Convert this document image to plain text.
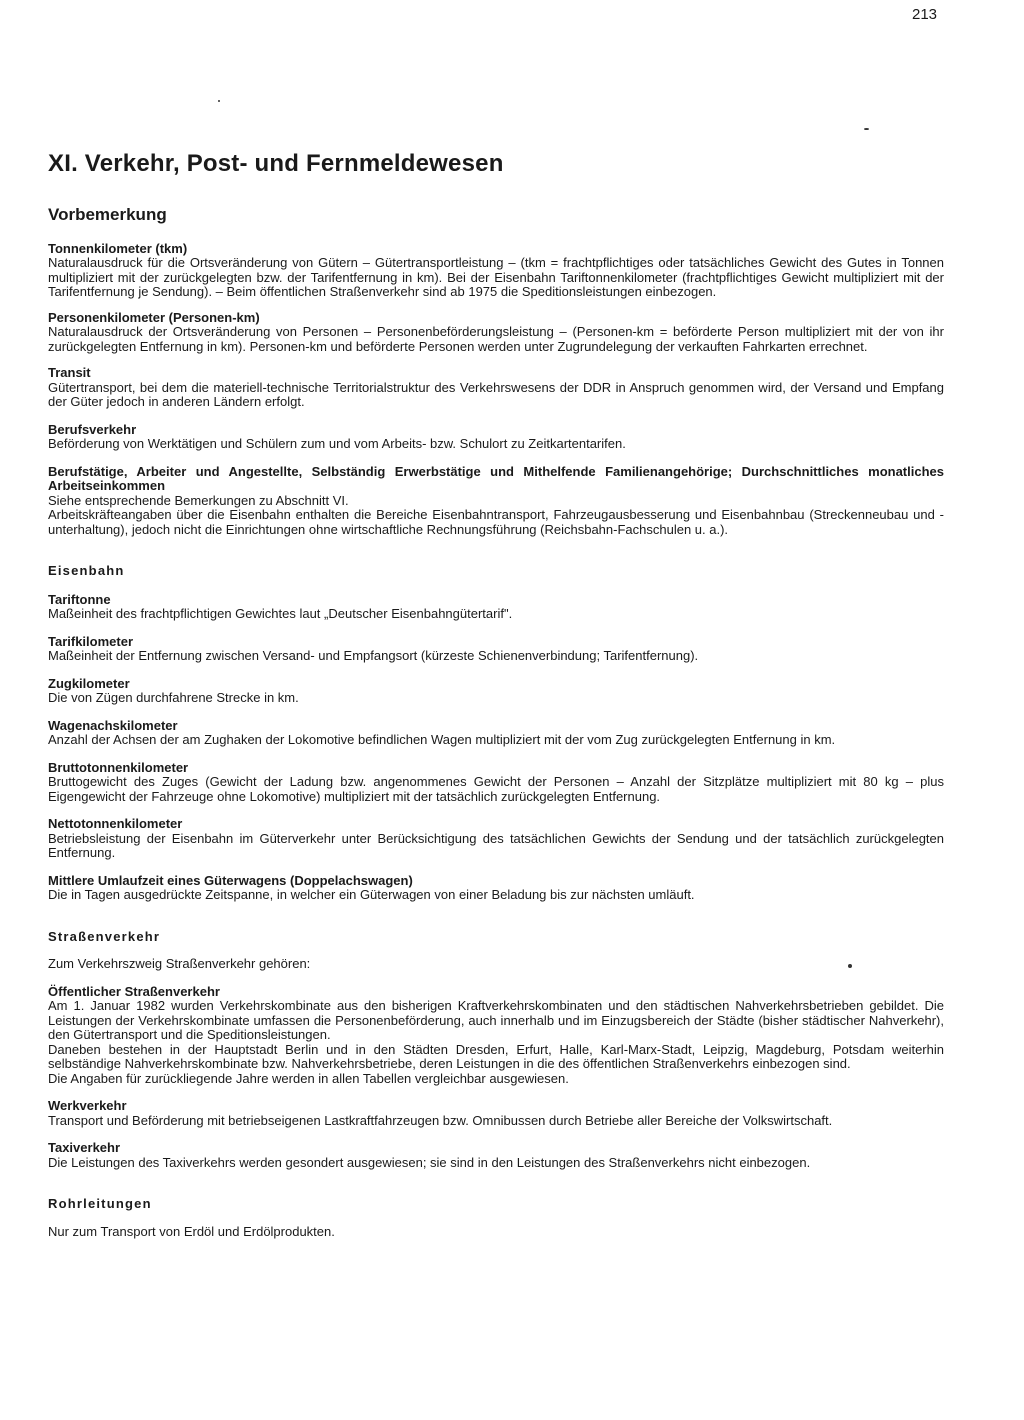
213
XI. Verkehr, Post- und Fernmeldewesen
Vorbemerkung
Tonnenkilometer (tkm)

Naturalausdruck für die Ortsveränderung von Gütern – Gütertransportleistung – (tkm = frachtpflichtiges oder tatsächliches Gewicht des Gutes in Tonnen multipliziert mit der zurückgelegten bzw. der Tarifentfernung in km). Bei der Eisenbahn Tariftonnenkilometer (frachtpflichtiges Gewicht multipliziert mit der Tarifentfernung je Sendung). – Beim öffentlichen Straßenverkehr sind ab 1975 die Speditionsleistungen einbezogen.

Personenkilometer (Personen-km)

Naturalausdruck der Ortsveränderung von Personen – Personenbeförderungsleistung – (Personen-km = beförderte Person multipliziert mit der von ihr zurückgelegten Entfernung in km). Personen-km und beförderte Personen werden unter Zugrundelegung der verkauften Fahrkarten errechnet.

Transit

Gütertransport, bei dem die materiell-technische Territorialstruktur des Verkehrswesens der DDR in Anspruch genommen wird, der Versand und Empfang der Güter jedoch in anderen Ländern erfolgt.

Berufsverkehr

Beförderung von Werktätigen und Schülern zum und vom Arbeits- bzw. Schulort zu Zeitkartentarifen.

Berufstätige, Arbeiter und Angestellte, Selbständig Erwerbstätige und Mithelfende Familienangehörige; Durchschnittliches monatliches Arbeitseinkommen

Siehe entsprechende Bemerkungen zu Abschnitt VI.

Arbeitskräfteangaben über die Eisenbahn enthalten die Bereiche Eisenbahntransport, Fahrzeugausbesserung und Eisenbahnbau (Streckenneubau und -unterhaltung), jedoch nicht die Einrichtungen ohne wirtschaftliche Rechnungsführung (Reichsbahn-Fachschulen u. a.).

Eisenbahn
Tariftonne

Maßeinheit des frachtpflichtigen Gewichtes laut „Deutscher Eisenbahngütertarif".

Tarifkilometer

Maßeinheit der Entfernung zwischen Versand- und Empfangsort (kürzeste Schienenverbindung; Tarifentfernung).

Zugkilometer

Die von Zügen durchfahrene Strecke in km.

Wagenachskilometer

Anzahl der Achsen der am Zughaken der Lokomotive befindlichen Wagen multipliziert mit der vom Zug zurückgelegten Entfernung in km.

Bruttotonnenkilometer

Bruttogewicht des Zuges (Gewicht der Ladung bzw. angenommenes Gewicht der Personen – Anzahl der Sitzplätze multipliziert mit 80 kg – plus Eigengewicht der Fahrzeuge ohne Lokomotive) multipliziert mit der tatsächlich zurückgelegten Entfernung.

Nettotonnenkilometer

Betriebsleistung der Eisenbahn im Güterverkehr unter Berücksichtigung des tatsächlichen Gewichts der Sendung und der tatsächlich zurückgelegten Entfernung.

Mittlere Umlaufzeit eines Güterwagens (Doppelachswagen)

Die in Tagen ausgedrückte Zeitspanne, in welcher ein Güterwagen von einer Beladung bis zur nächsten umläuft.

Straßenverkehr

Zum Verkehrszweig Straßenverkehr gehören:

Öffentlicher Straßenverkehr

Am 1. Januar 1982 wurden Verkehrskombinate aus den bisherigen Kraftverkehrskombinaten und den städtischen Nahverkehrsbetrieben gebildet. Die Leistungen der Verkehrskombinate umfassen die Personenbeförderung, auch innerhalb und im Einzugsbereich der Städte (bisher städtischer Nahverkehr), den Gütertransport und die Speditionsleistungen.

Daneben bestehen in der Hauptstadt Berlin und in den Städten Dresden, Erfurt, Halle, Karl-Marx-Stadt, Leipzig, Magdeburg, Potsdam weiterhin selbständige Nahverkehrskombinate bzw. Nahverkehrsbetriebe, deren Leistungen in die des öffentlichen Straßenverkehrs einbezogen sind.

Die Angaben für zurückliegende Jahre werden in allen Tabellen vergleichbar ausgewiesen.

Werkverkehr

Transport und Beförderung mit betriebseigenen Lastkraftfahrzeugen bzw. Omnibussen durch Betriebe aller Bereiche der Volkswirtschaft.

Taxiverkehr

Die Leistungen des Taxiverkehrs werden gesondert ausgewiesen; sie sind in den Leistungen des Straßenverkehrs nicht einbezogen.

Rohrleitungen

Nur zum Transport von Erdöl und Erdölprodukten.
